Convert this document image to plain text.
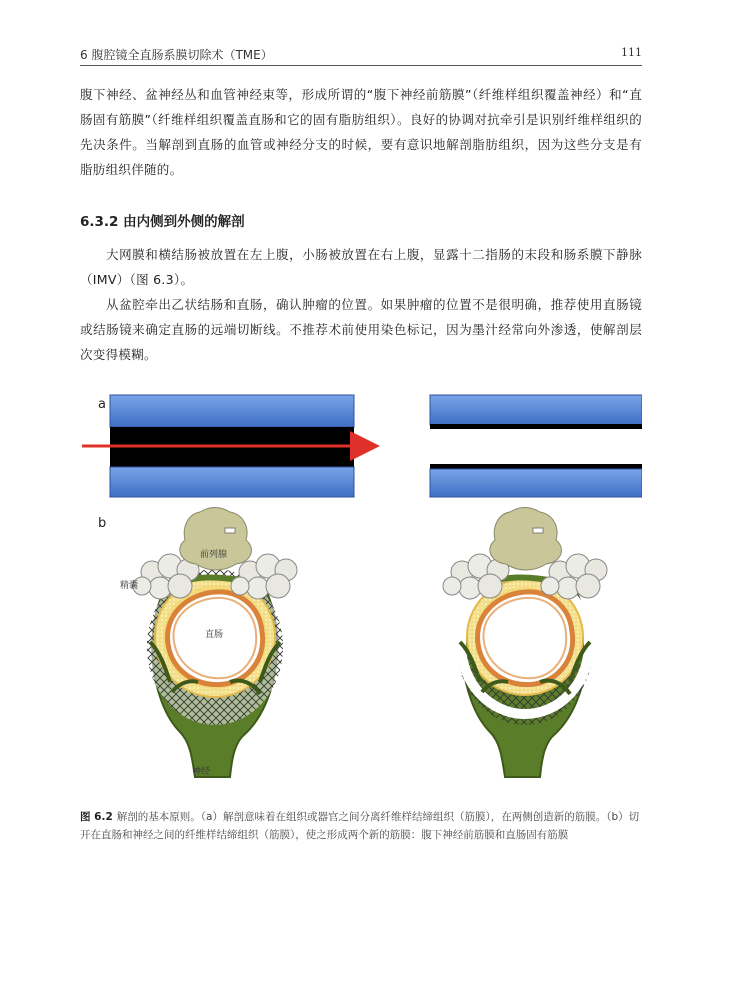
6 腹腔镜全直肠系膜切除术（TME）	111
腹下神经、盆神经丛和血管神经束等，形成所谓的“腹下神经前筋膜”（纤维样组织覆盖神经）和“直肠固有筋膜”（纤维样组织覆盖直肠和它的固有脂肪组织）。良好的协调对抗牵引是识别纤维样组织的先决条件。当解剖到直肠的血管或神经分支的时候，要有意识地解剖脂肪组织，因为这些分支是有脂肪组织伴随的。
6.3.2 由内侧到外侧的解剖
大网膜和横结肠被放置在左上腹，小肠被放置在右上腹，显露十二指肠的末段和肠系膜下静脉（IMV）（图 6.3）。
从盆腔牵出乙状结肠和直肠，确认肿瘤的位置。如果肿瘤的位置不是很明确，推荐使用直肠镜或结肠镜来确定直肠的远端切断线。不推荐术前使用染色标记，因为墨汁经常向外渗透，使解剖层次变得模糊。
a
b
前列腺
精囊
直肠
神经
图 6.2 解剖的基本原则。（a）解剖意味着在组织或器官之间分离纤维样结缔组织（筋膜），在两侧创造新的筋膜。（b）切开在直肠和神经之间的纤维样结缔组织（筋膜），使之形成两个新的筋膜：腹下神经前筋膜和直肠固有筋膜
